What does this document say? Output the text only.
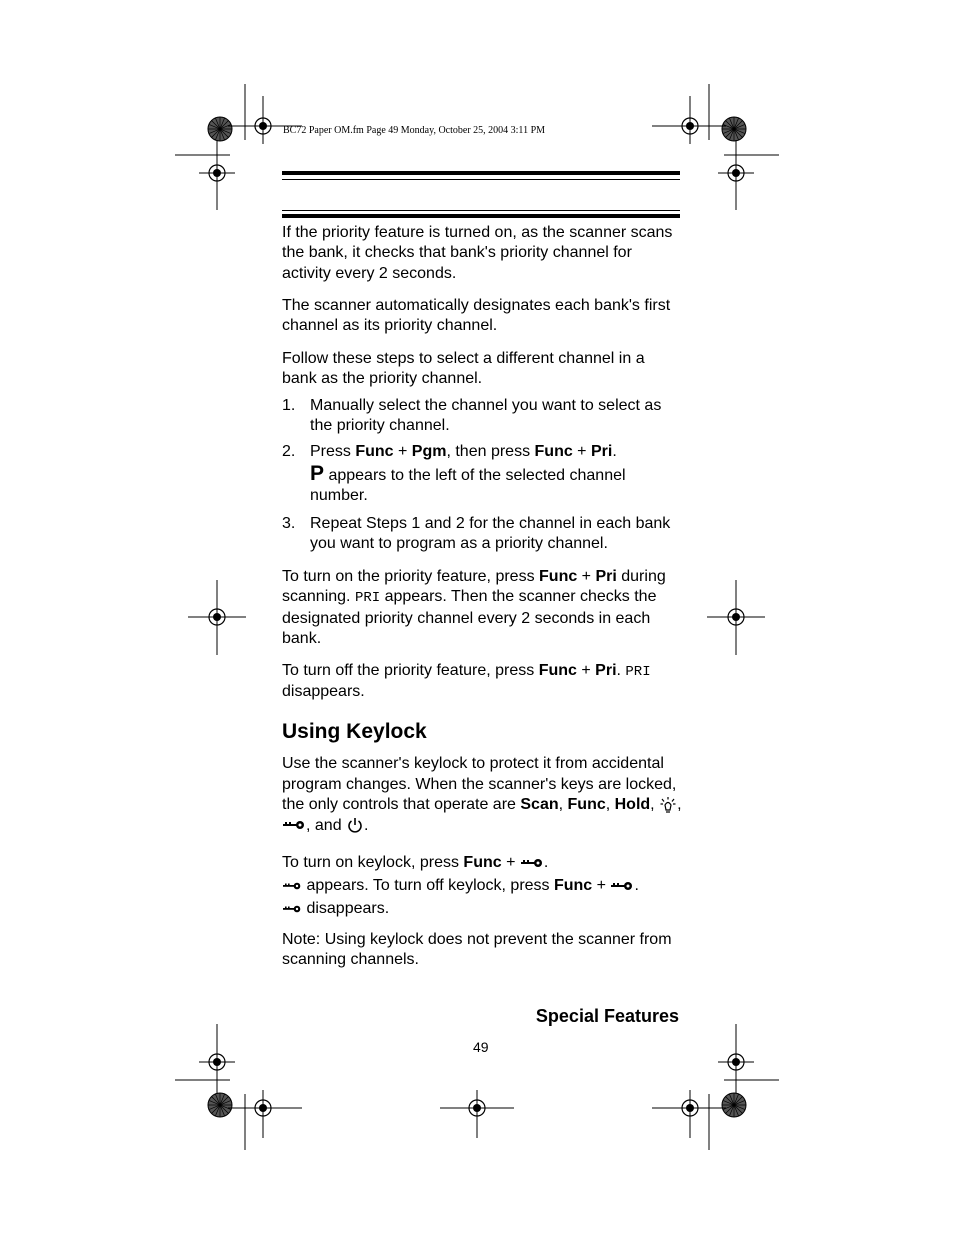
BC72 Paper OM.fm Page 49 Monday, October 25, 2004 3:11 PM

If the priority feature is turned on, as the scanner scans the bank, it checks that bank's priority channel for activity every 2 seconds.

The scanner automatically designates each bank's first channel as its priority channel.

Follow these steps to select a different channel in a bank as the priority channel.

1. Manually select the channel you want to select as the priority channel.
2. Press Func + Pgm, then press Func + Pri.
P appears to the left of the selected channel number.
3. Repeat Steps 1 and 2 for the channel in each bank you want to program as a priority channel.

To turn on the priority feature, press Func + Pri during scanning. PRI appears. Then the scanner checks the designated priority channel every 2 seconds in each bank.

To turn off the priority feature, press Func + Pri. PRI disappears.

Using Keylock

Use the scanner's keylock to protect it from accidental program changes. When the scanner's keys are locked, the only controls that operate are Scan, Func, Hold, , , and .

To turn on keylock, press Func + .
appears. To turn off keylock, press Func + .
disappears.

Note: Using keylock does not prevent the scanner from scanning channels.

Special Features
49
